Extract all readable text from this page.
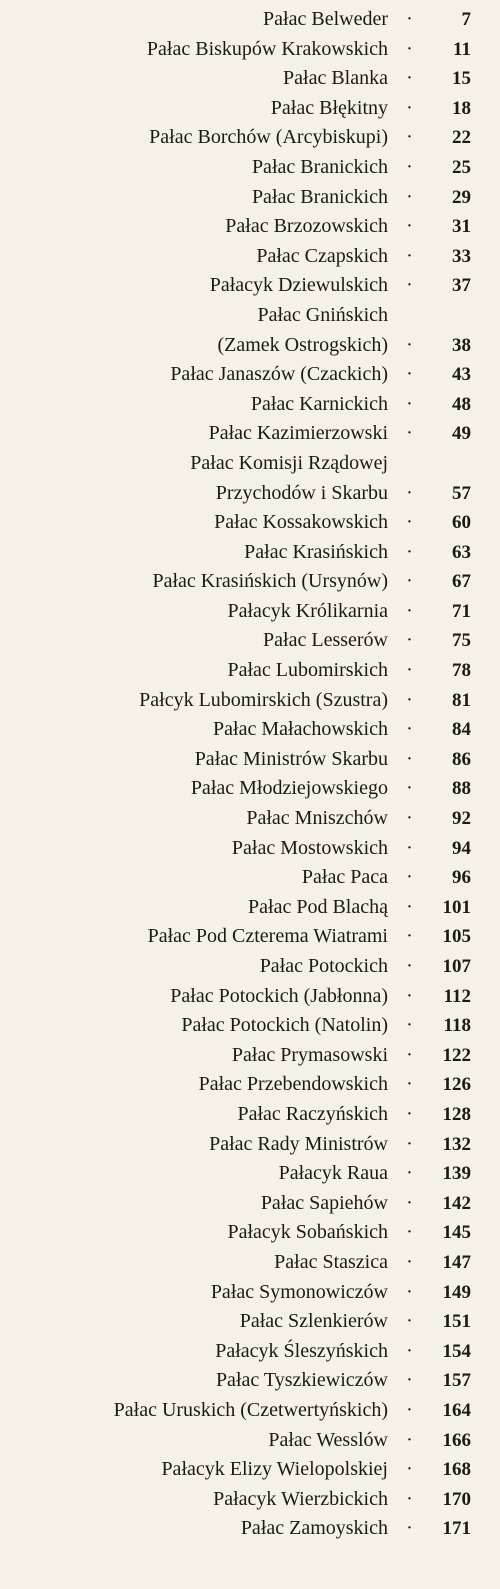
Pałac Belweder ·	7
Pałac Biskupów Krakowskich ·	11
Pałac Blanka ·	15
Pałac Błękitny ·	18
Pałac Borchów (Arcybiskupi) ·	22
Pałac Branickich ·	25
Pałac Branickich ·	29
Pałac Brzozowskich ·	31
Pałac Czapskich ·	33
Pałacyk Dziewulskich ·	37
Pałac Gnińskich
(Zamek Ostrogskich) ·	38
Pałac Janaszów (Czackich) ·	43
Pałac Karnickich ·	48
Pałac Kazimierzowski ·	49
Pałac Komisji Rządowej
Przychodów i Skarbu ·	57
Pałac Kossakowskich ·	60
Pałac Krasińskich ·	63
Pałac Krasińskich (Ursynów) ·	67
Pałacyk Królikarnia ·	71
Pałac Lesserów ·	75
Pałac Lubomirskich ·	78
Pałcyk Lubomirskich (Szustra) ·	81
Pałac Małachowskich ·	84
Pałac Ministrów Skarbu ·	86
Pałac Młodziejowskiego ·	88
Pałac Mniszchów ·	92
Pałac Mostowskich ·	94
Pałac Paca ·	96
Pałac Pod Blachą ·	101
Pałac Pod Czterema Wiatrami ·	105
Pałac Potockich ·	107
Pałac Potockich (Jabłonna) ·	112
Pałac Potockich (Natolin) ·	118
Pałac Prymasowski ·	122
Pałac Przebendowskich ·	126
Pałac Raczyńskich ·	128
Pałac Rady Ministrów ·	132
Pałacyk Raua ·	139
Pałac Sapiehów ·	142
Pałacyk Sobańskich ·	145
Pałac Staszica ·	147
Pałac Symonowiczów ·	149
Pałac Szlenkierów ·	151
Pałacyk Śleszyńskich ·	154
Pałac Tyszkiewiczów ·	157
Pałac Uruskich (Czetwertyńskich) ·	164
Pałac Wesslów ·	166
Pałacyk Elizy Wielopolskiej ·	168
Pałacyk Wierzbickich ·	170
Pałac Zamoyskich ·	171
